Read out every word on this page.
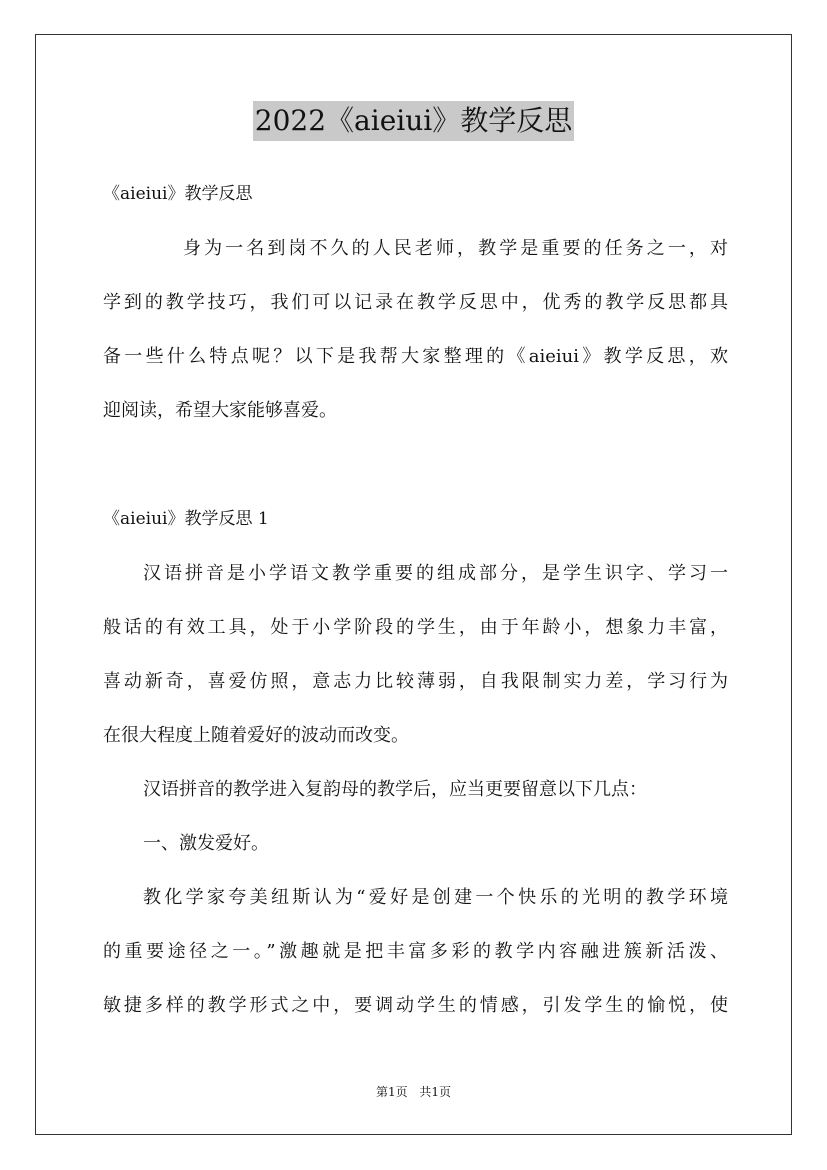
2022《aieiui》教学反思
《aieiui》教学反思
身为一名到岗不久的人民老师，教学是重要的任务之一，对
学到的教学技巧，我们可以记录在教学反思中，优秀的教学反思都具
备一些什么特点呢？以下是我帮大家整理的《aieiui》教学反思，欢
迎阅读，希望大家能够喜爱。
《aieiui》教学反思 1
汉语拼音是小学语文教学重要的组成部分，是学生识字、学习一
般话的有效工具，处于小学阶段的学生，由于年龄小，想象力丰富，
喜动新奇，喜爱仿照，意志力比较薄弱，自我限制实力差，学习行为
在很大程度上随着爱好的波动而改变。
汉语拼音的教学进入复韵母的教学后，应当更要留意以下几点：
一、激发爱好。
教化学家夸美纽斯认为“爱好是创建一个快乐的光明的教学环境
的重要途径之一。”激趣就是把丰富多彩的教学内容融进簇新活泼、
敏捷多样的教学形式之中，要调动学生的情感，引发学生的愉悦，使
第1页 共1页
